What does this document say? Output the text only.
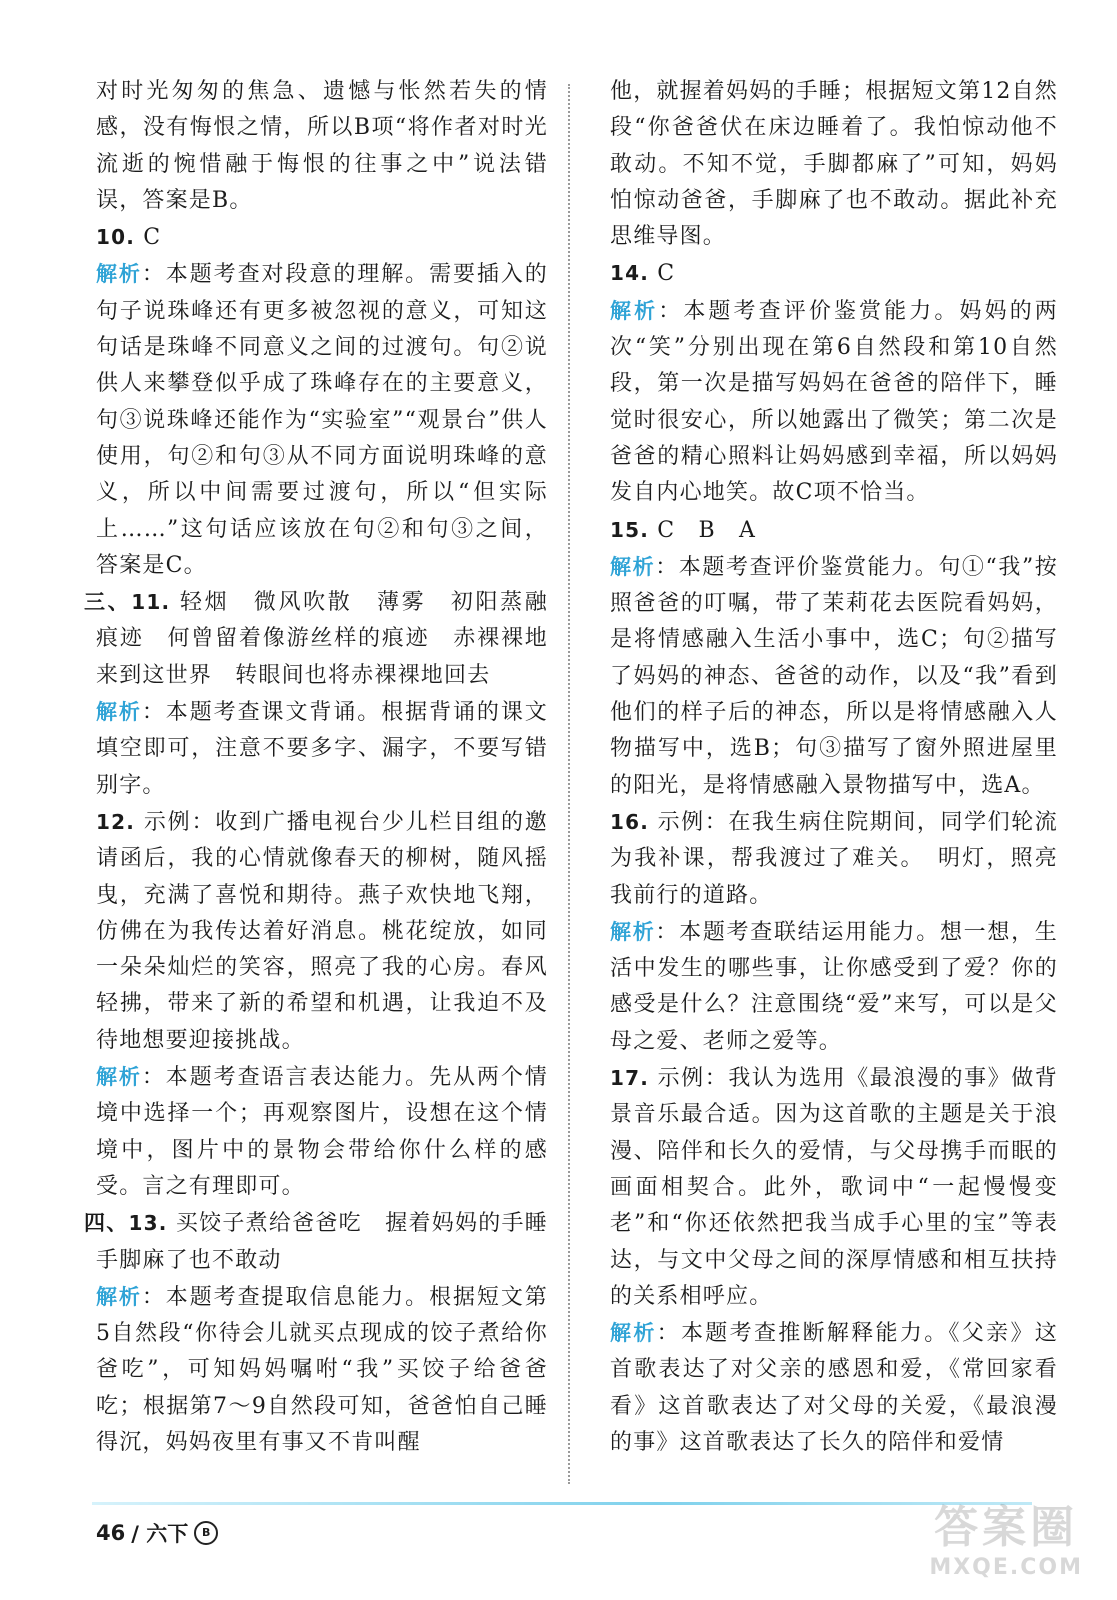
对时光匆匆的焦急、遗憾与怅然若失的情感，没有悔恨之情，所以B项“将作者对时光流逝的惋惜融于悔恨的往事之中”说法错误，答案是B。

10. C

解析：本题考查对段意的理解。需要插入的句子说珠峰还有更多被忽视的意义，可知这句话是珠峰不同意义之间的过渡句。句②说供人来攀登似乎成了珠峰存在的主要意义，句③说珠峰还能作为“实验室”“观景台”供人使用，句②和句③从不同方面说明珠峰的意义，所以中间需要过渡句，所以“但实际上……”这句话应该放在句②和句③之间，答案是C。

三、11. 轻烟　微风吹散　薄雾　初阳蒸融　痕迹　何曾留着像游丝样的痕迹　赤裸裸地来到这世界　转眼间也将赤裸裸地回去

解析：本题考查课文背诵。根据背诵的课文填空即可，注意不要多字、漏字，不要写错别字。

12. 示例：收到广播电视台少儿栏目组的邀请函后，我的心情就像春天的柳树，随风摇曳，充满了喜悦和期待。燕子欢快地飞翔，仿佛在为我传达着好消息。桃花绽放，如同一朵朵灿烂的笑容，照亮了我的心房。春风轻拂，带来了新的希望和机遇，让我迫不及待地想要迎接挑战。

解析：本题考查语言表达能力。先从两个情境中选择一个；再观察图片，设想在这个情境中，图片中的景物会带给你什么样的感受。言之有理即可。

四、13. 买饺子煮给爸爸吃　握着妈妈的手睡　手脚麻了也不敢动

解析：本题考查提取信息能力。根据短文第5自然段“你待会儿就买点现成的饺子煮给你爸吃”，可知妈妈嘱咐“我”买饺子给爸爸吃；根据第7～9自然段可知，爸爸怕自己睡得沉，妈妈夜里有事又不肯叫醒

他，就握着妈妈的手睡；根据短文第12自然段“你爸爸伏在床边睡着了。我怕惊动他不敢动。不知不觉，手脚都麻了”可知，妈妈怕惊动爸爸，手脚麻了也不敢动。据此补充思维导图。

14. C

解析：本题考查评价鉴赏能力。妈妈的两次“笑”分别出现在第6自然段和第10自然段，第一次是描写妈妈在爸爸的陪伴下，睡觉时很安心，所以她露出了微笑；第二次是爸爸的精心照料让妈妈感到幸福，所以妈妈发自内心地笑。故C项不恰当。

15. C　B　A

解析：本题考查评价鉴赏能力。句①“我”按照爸爸的叮嘱，带了茉莉花去医院看妈妈，是将情感融入生活小事中，选C；句②描写了妈妈的神态、爸爸的动作，以及“我”看到他们的样子后的神态，所以是将情感融入人物描写中，选B；句③描写了窗外照进屋里的阳光，是将情感融入景物描写中，选A。

16. 示例：在我生病住院期间，同学们轮流为我补课，帮我渡过了难关。　明灯，照亮我前行的道路。

解析：本题考查联结运用能力。想一想，生活中发生的哪些事，让你感受到了爱？你的感受是什么？注意围绕“爱”来写，可以是父母之爱、老师之爱等。

17. 示例：我认为选用《最浪漫的事》做背景音乐最合适。因为这首歌的主题是关于浪漫、陪伴和长久的爱情，与父母携手而眠的画面相契合。此外，歌词中“一起慢慢变老”和“你还依然把我当成手心里的宝”等表达，与文中父母之间的深厚情感和相互扶持的关系相呼应。

解析：本题考查推断解释能力。《父亲》这首歌表达了对父亲的感恩和爱，《常回家看看》这首歌表达了对父母的关爱，《最浪漫的事》这首歌表达了长久的陪伴和爱情

46 / 六下	B	答案圈
MXQE.COM
